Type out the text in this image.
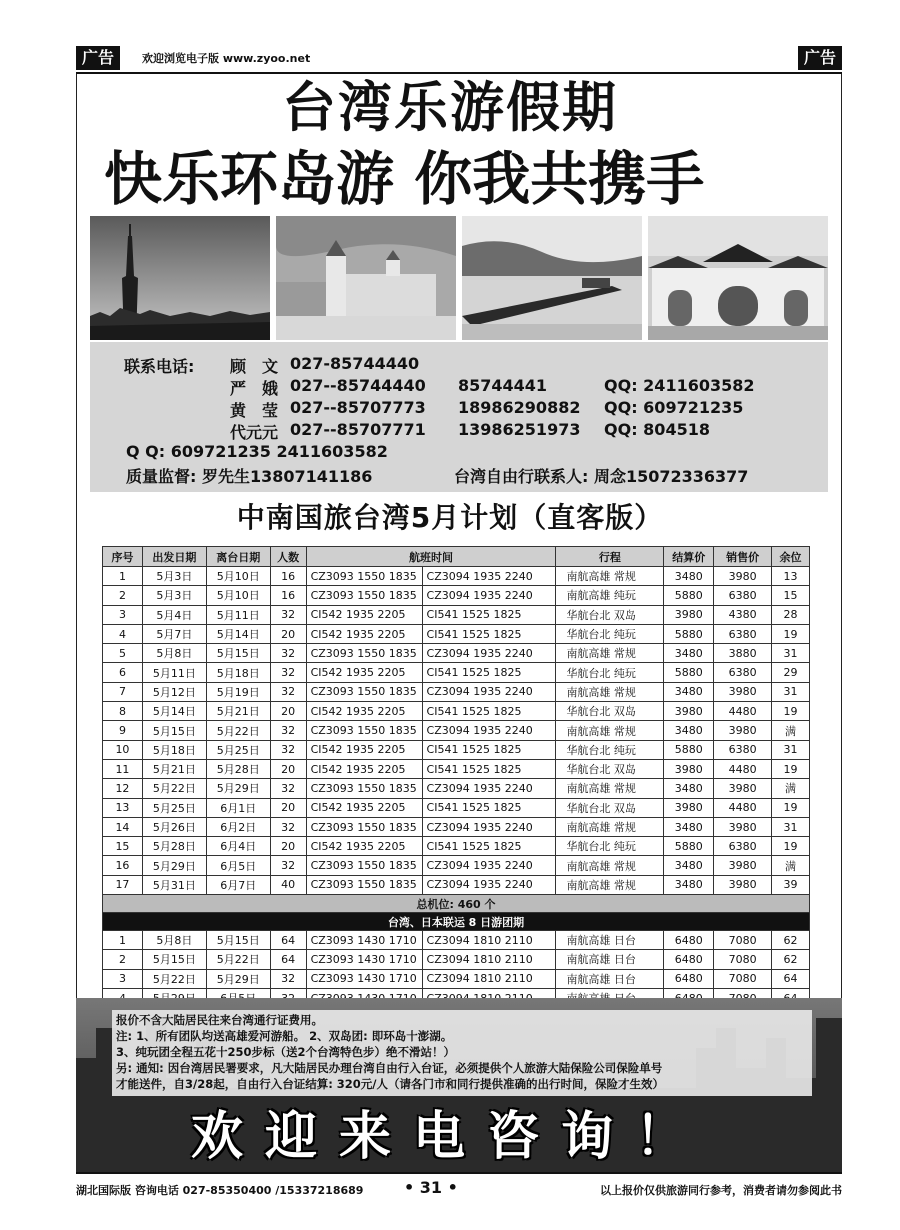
广告	欢迎浏览电子版 www.zyoo.net	广告
台湾乐游假期
快乐环岛游 你我共携手
联系电话: 顾　文 027-85744440
严　娥 027--85744440 85744441	QQ: 2411603582
黄　莹 027--85707773 18986290882 QQ: 609721235
代元元 027--85707771 13986251973 QQ: 804518
Q Q: 609721235 2411603582
质量监督: 罗先生13807141186	台湾自由行联系人: 周念15072336377
中南国旅台湾5月计划（直客版）
序号	出发日期	离台日期	人数	航班时间		行程	结算价	销售价	余位
1	5月3日	5月10日	16	CZ3093 1550 1835	CZ3094 1935 2240	南航高雄 常规	3480	3980	13
2	5月3日	5月10日	16	CZ3093 1550 1835	CZ3094 1935 2240	南航高雄 纯玩	5880	6380	15
3	5月4日	5月11日	32	CI542 1935 2205	CI541 1525 1825	华航台北 双岛	3980	4380	28
4	5月7日	5月14日	20	CI542 1935 2205	CI541 1525 1825	华航台北 纯玩	5880	6380	19
5	5月8日	5月15日	32	CZ3093 1550 1835	CZ3094 1935 2240	南航高雄 常规	3480	3880	31
6	5月11日	5月18日	32	CI542 1935 2205	CI541 1525 1825	华航台北 纯玩	5880	6380	29
7	5月12日	5月19日	32	CZ3093 1550 1835	CZ3094 1935 2240	南航高雄 常规	3480	3980	31
8	5月14日	5月21日	20	CI542 1935 2205	CI541 1525 1825	华航台北 双岛	3980	4480	19
9	5月15日	5月22日	32	CZ3093 1550 1835	CZ3094 1935 2240	南航高雄 常规	3480	3980	满
10	5月18日	5月25日	32	CI542 1935 2205	CI541 1525 1825	华航台北 纯玩	5880	6380	31
11	5月21日	5月28日	20	CI542 1935 2205	CI541 1525 1825	华航台北 双岛	3980	4480	19
12	5月22日	5月29日	32	CZ3093 1550 1835	CZ3094 1935 2240	南航高雄 常规	3480	3980	满
13	5月25日	6月1日	20	CI542 1935 2205	CI541 1525 1825	华航台北 双岛	3980	4480	19
14	5月26日	6月2日	32	CZ3093 1550 1835	CZ3094 1935 2240	南航高雄 常规	3480	3980	31
15	5月28日	6月4日	20	CI542 1935 2205	CI541 1525 1825	华航台北 纯玩	5880	6380	19
16	5月29日	6月5日	32	CZ3093 1550 1835	CZ3094 1935 2240	南航高雄 常规	3480	3980	满
17	5月31日	6月7日	40	CZ3093 1550 1835	CZ3094 1935 2240	南航高雄 常规	3480	3980	39
总机位: 460 个									
台湾、日本联运 8 日游团期									
1	5月8日	5月15日	64	CZ3093 1430 1710	CZ3094 1810 2110	南航高雄 日台	6480	7080	62
2	5月15日	5月22日	64	CZ3093 1430 1710	CZ3094 1810 2110	南航高雄 日台	6480	7080	62
3	5月22日	5月29日	32	CZ3093 1430 1710	CZ3094 1810 2110	南航高雄 日台	6480	7080	64

报价不含大陆居民往来台湾通行证费用。
注: 1、所有团队均送高雄爱河游船。 2、双岛团: 即环岛十澎湖。
3、纯玩团全程五花十250步标（送2个台湾特色步）绝不滑站！）
另: 通知: 因台湾居民署要求，凡大陆居民办理台湾自由行入台证，必须提供个人旅游大陆保险公司保险单号
才能送件，自3/28起，自由行入台证结算: 320元/人（请各门市和同行提供准确的出行时间，保险才生效）
欢迎来电咨询！
湖北国际版 咨询电话 027-85350400 /15337218689	• 31 •	以上报价仅供旅游同行参考，消费者请勿参阅此书
